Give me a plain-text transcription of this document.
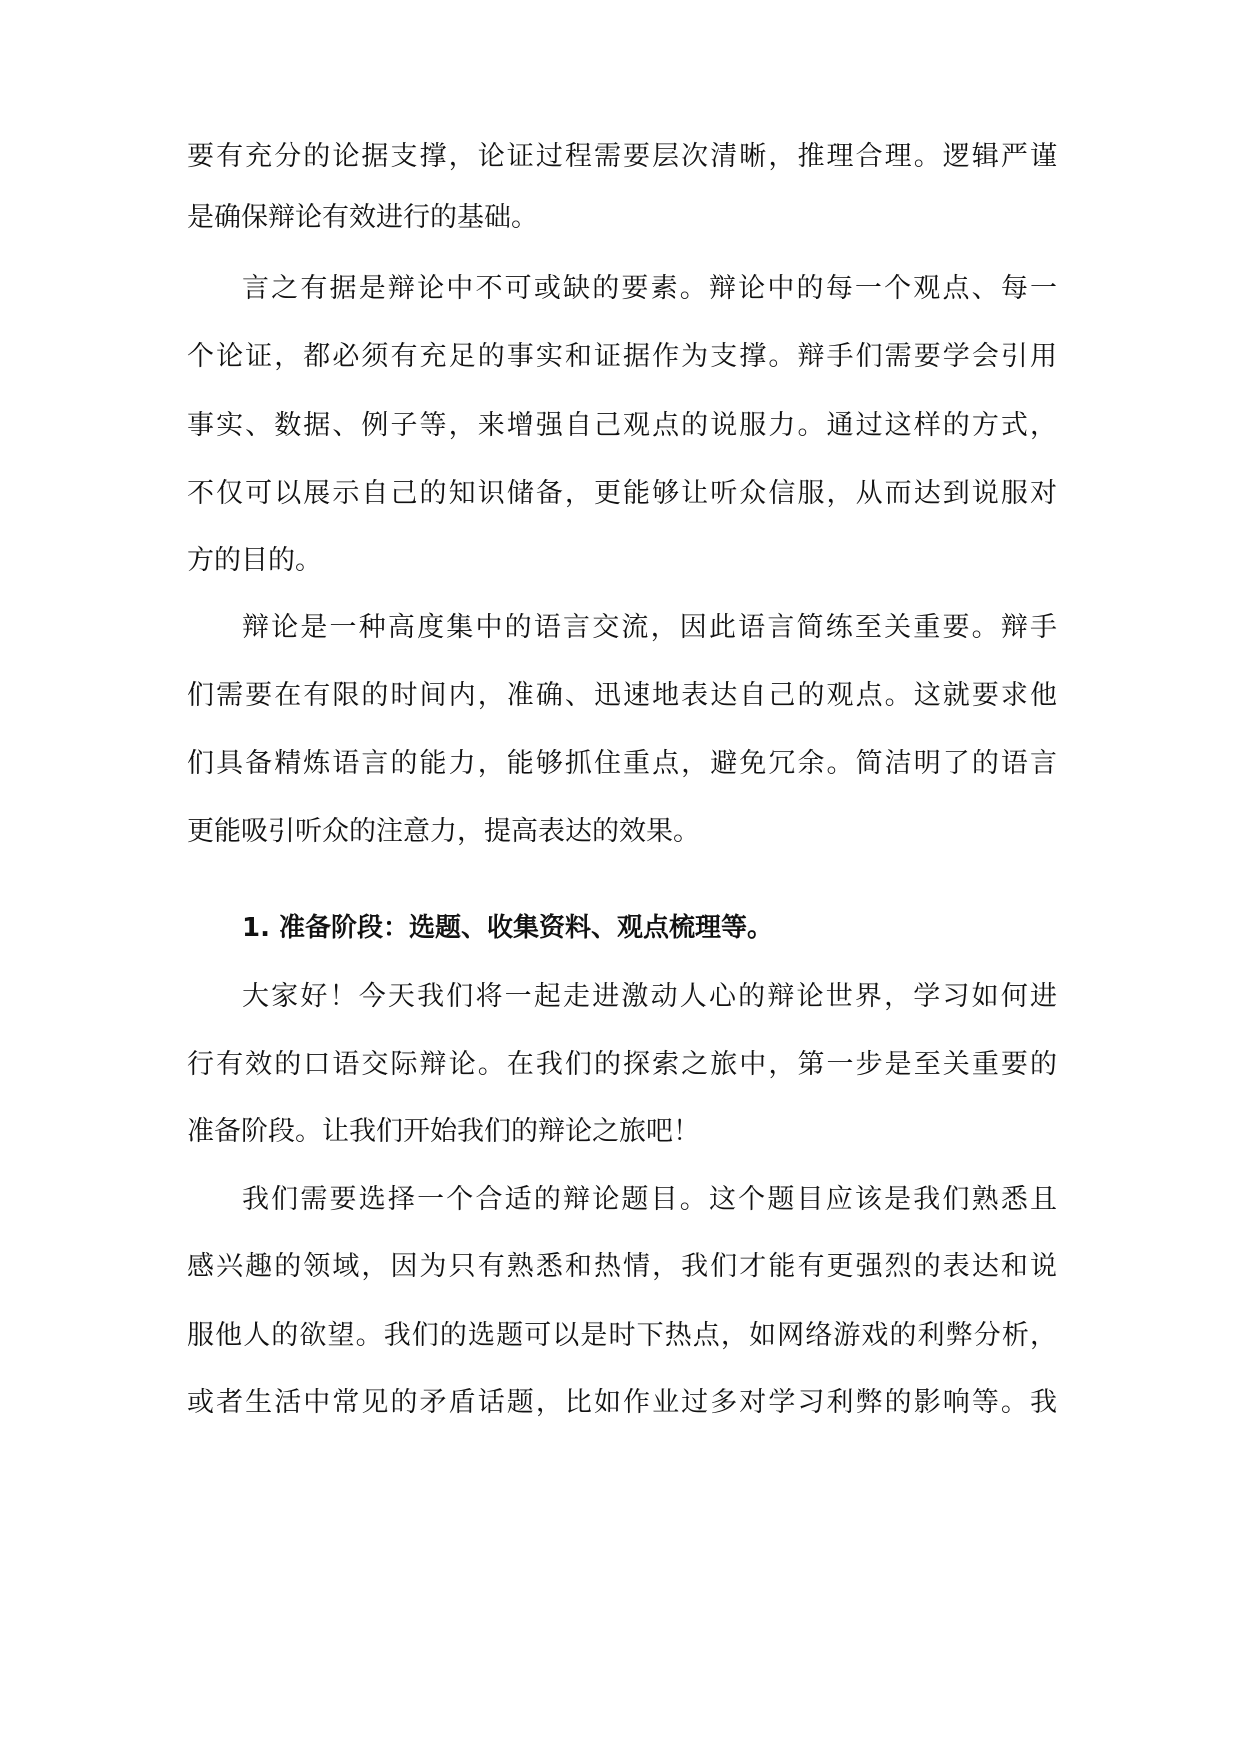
要有充分的论据支撑，论证过程需要层次清晰，推理合理。逻辑严谨
是确保辩论有效进行的基础。
言之有据是辩论中不可或缺的要素。辩论中的每一个观点、每一
个论证，都必须有充足的事实和证据作为支撑。辩手们需要学会引用
事实、数据、例子等，来增强自己观点的说服力。通过这样的方式，
不仅可以展示自己的知识储备，更能够让听众信服，从而达到说服对
方的目的。
辩论是一种高度集中的语言交流，因此语言简练至关重要。辩手
们需要在有限的时间内，准确、迅速地表达自己的观点。这就要求他
们具备精炼语言的能力，能够抓住重点，避免冗余。简洁明了的语言
更能吸引听众的注意力，提高表达的效果。
1. 准备阶段：选题、收集资料、观点梳理等。
大家好！今天我们将一起走进激动人心的辩论世界，学习如何进
行有效的口语交际辩论。在我们的探索之旅中，第一步是至关重要的
准备阶段。让我们开始我们的辩论之旅吧！
我们需要选择一个合适的辩论题目。这个题目应该是我们熟悉且
感兴趣的领域，因为只有熟悉和热情，我们才能有更强烈的表达和说
服他人的欲望。我们的选题可以是时下热点，如网络游戏的利弊分析，
或者生活中常见的矛盾话题，比如作业过多对学习利弊的影响等。我
